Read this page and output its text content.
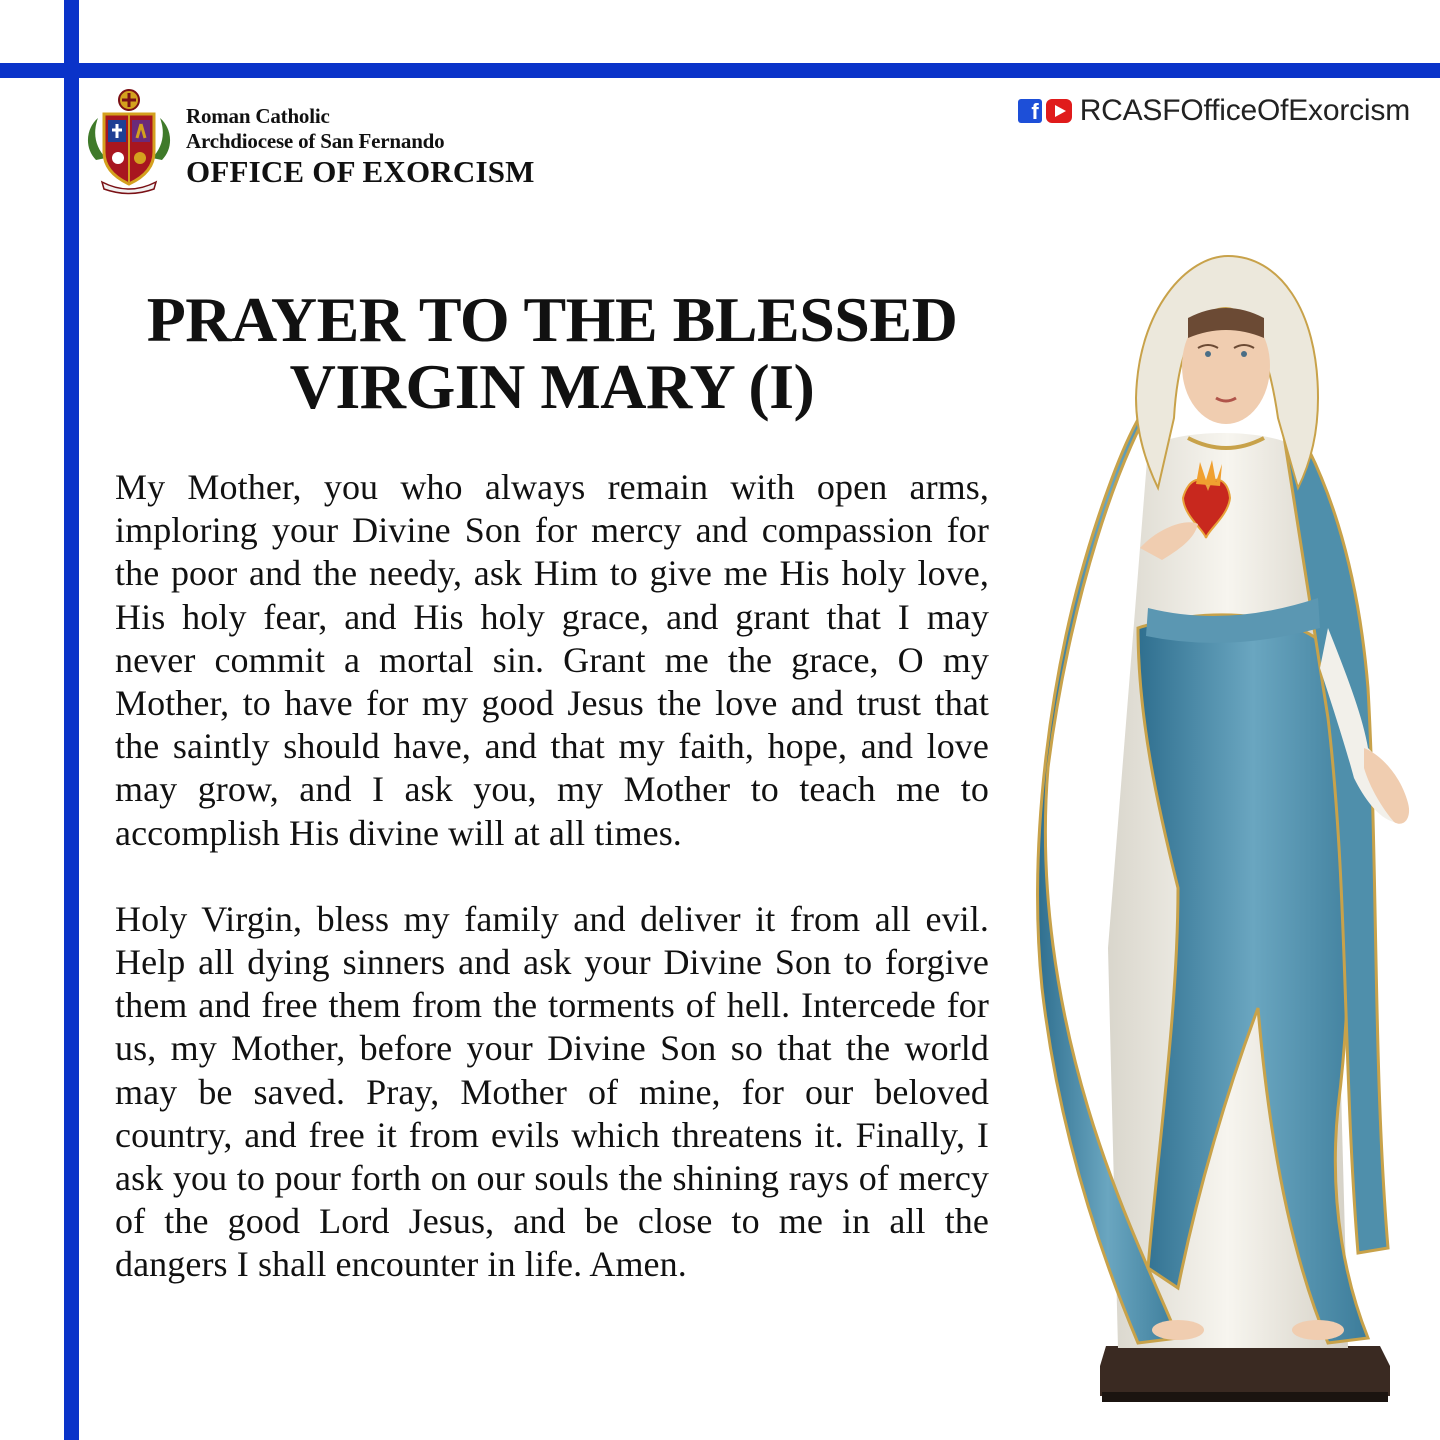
Roman Catholic
Archdiocese of San Fernando
OFFICE OF EXORCISM
f RCASFOfficeOfExorcism
PRAYER TO THE BLESSED
VIRGIN MARY (I)

My Mother, you who always remain with open arms, imploring your Divine Son for mercy and compassion for the poor and the needy, ask Him to give me His holy love, His holy fear, and His holy grace, and grant that I may never commit a mortal sin. Grant me the grace, O my Mother, to have for my good Jesus the love and trust that the saintly should have, and that my faith, hope, and love may grow, and I ask you, my Mother to teach me to accomplish His divine will at all times.

Holy Virgin, bless my family and deliver it from all evil. Help all dying sinners and ask your Divine Son to forgive them and free them from the torments of hell. Intercede for us, my Mother, before your Divine Son so that the world may be saved. Pray, Mother of mine, for our beloved country, and free it from evils which threatens it. Finally, I ask you to pour forth on our souls the shining rays of mercy of the good Lord Jesus, and be close to me in all the dangers I shall encounter in life. Amen.
